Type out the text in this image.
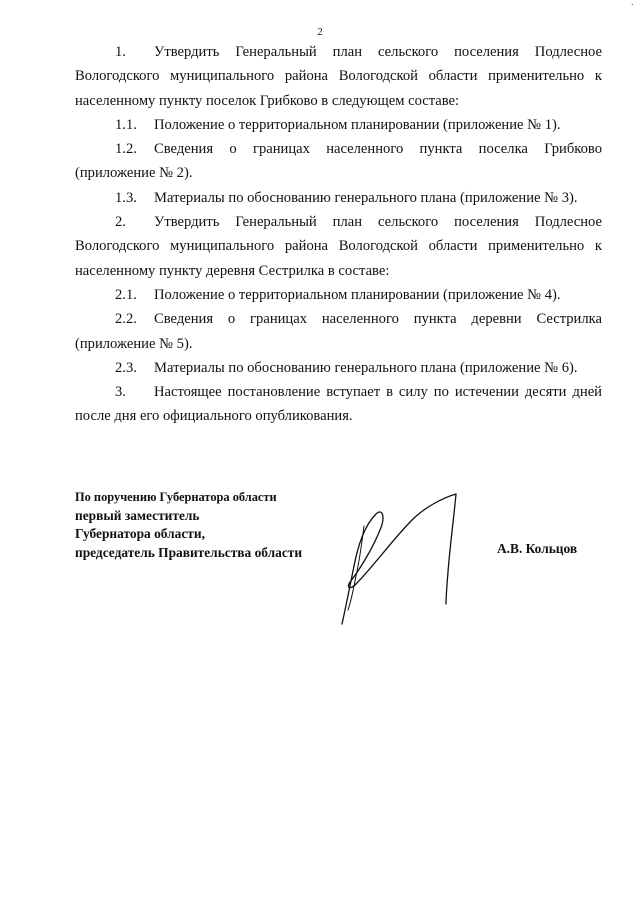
2
·

1. Утвердить Генеральный план сельского поселения Подлесное Вологодского муниципального района Вологодской области применительно к населенному пункту поселок Грибково в следующем составе:

1.1. Положение о территориальном планировании (приложение № 1).

1.2. Сведения о границах населенного пункта поселка Грибково (приложение № 2).

1.3. Материалы по обоснованию генерального плана (приложение № 3).

2. Утвердить Генеральный план сельского поселения Подлесное Вологодского муниципального района Вологодской области применительно к населенному пункту деревня Сестрилка в составе:

2.1. Положение о территориальном планировании (приложение № 4).

2.2. Сведения о границах населенного пункта деревни Сестрилка (приложение № 5).

2.3. Материалы по обоснованию генерального плана (приложение № 6).

3. Настоящее постановление вступает в силу по истечении десяти дней после дня его официального опубликования.

По поручению Губернатора области
первый заместитель
Губернатора области,
председатель Правительства области	А.В. Кольцов
